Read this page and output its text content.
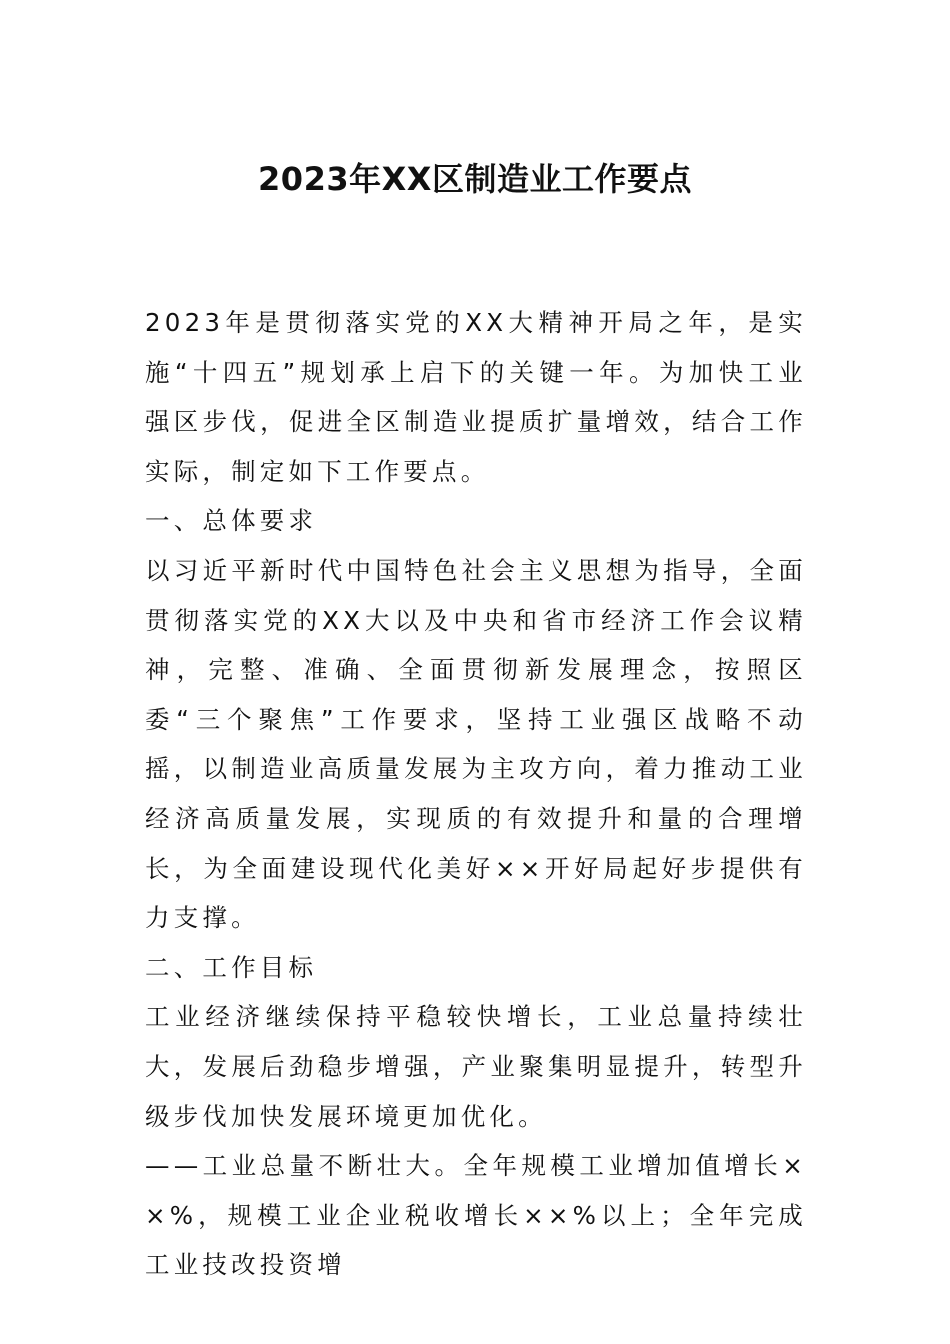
2023年XX区制造业工作要点

2023年是贯彻落实党的XX大精神开局之年，是实施“十四五”规划承上启下的关键一年。为加快工业强区步伐，促进全区制造业提质扩量增效，结合工作实际，制定如下工作要点。

一、总体要求

以习近平新时代中国特色社会主义思想为指导，全面贯彻落实党的XX大以及中央和省市经济工作会议精神，完整、准确、全面贯彻新发展理念，按照区委“三个聚焦”工作要求，坚持工业强区战略不动摇，以制造业高质量发展为主攻方向，着力推动工业经济高质量发展，实现质的有效提升和量的合理增长，为全面建设现代化美好××开好局起好步提供有力支撑。

二、工作目标

工业经济继续保持平稳较快增长，工业总量持续壮大，发展后劲稳步增强，产业聚集明显提升，转型升级步伐加快发展环境更加优化。

——工业总量不断壮大。全年规模工业增加值增长××%，规模工业企业税收增长××%以上；全年完成工业技改投资增
